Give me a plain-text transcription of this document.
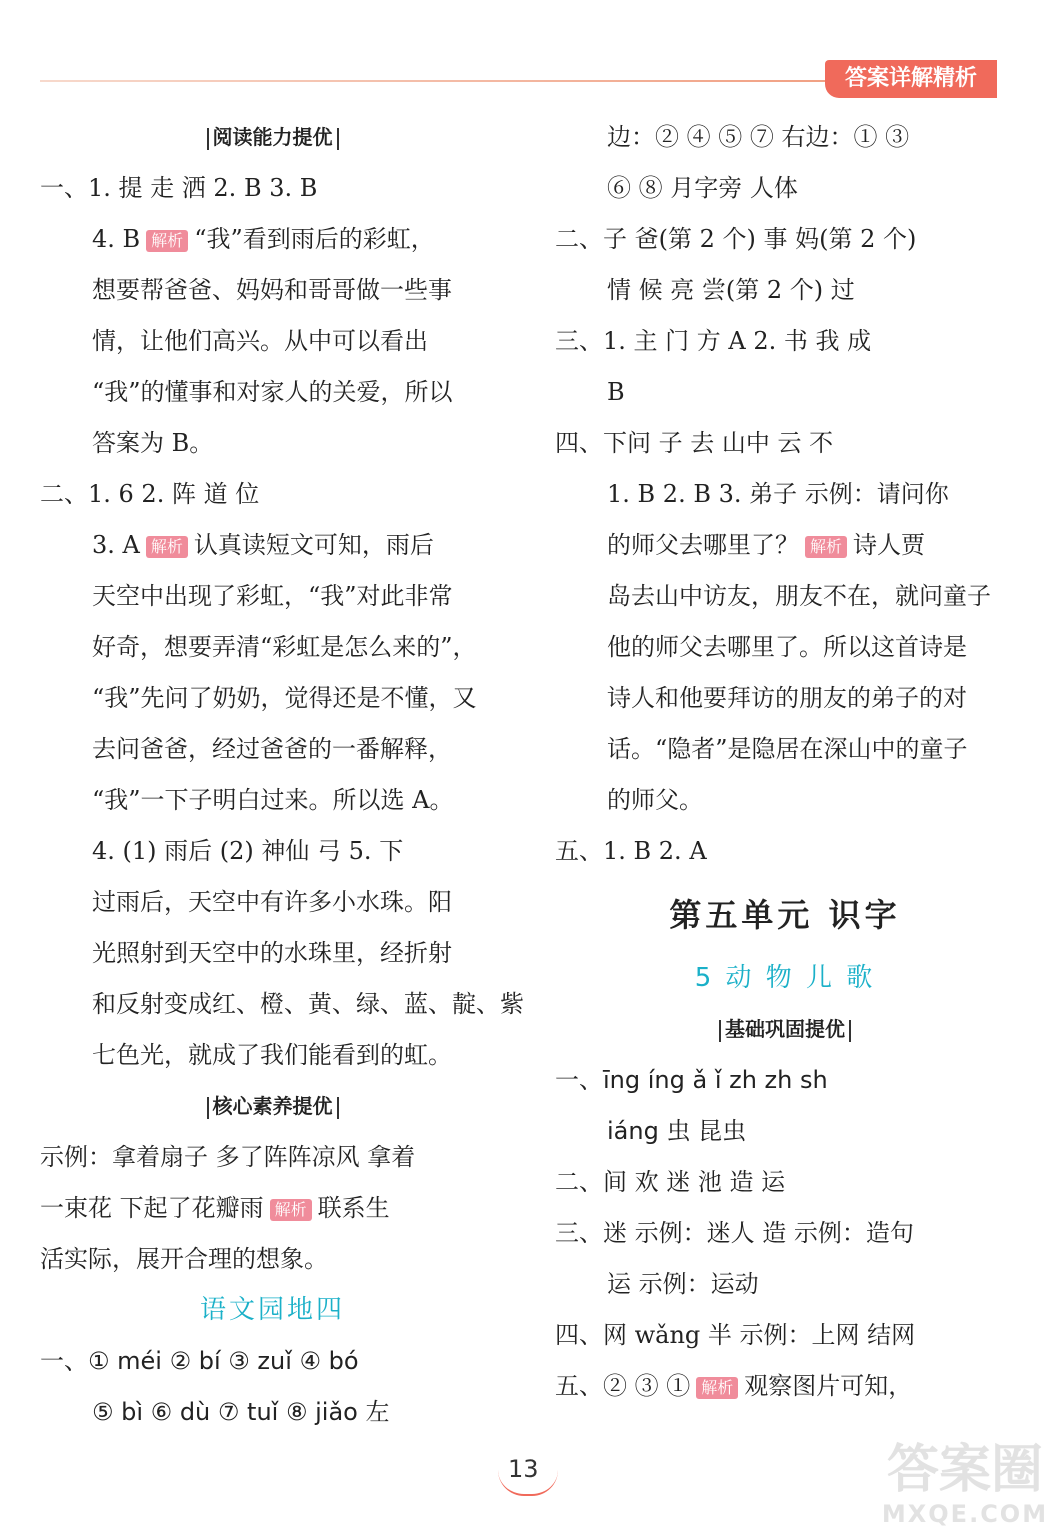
答案详解精析
阅读能力提优
一、1. 提 走 洒 2. B 3. B
4. B 解析 “我”看到雨后的彩虹，
想要帮爸爸、妈妈和哥哥做一些事
情，让他们高兴。从中可以看出
“我”的懂事和对家人的关爱，所以
答案为 B。
二、1. 6 2. 阵 道 位
3. A 解析 认真读短文可知，雨后
天空中出现了彩虹，“我”对此非常
好奇，想要弄清“彩虹是怎么来的”，
“我”先问了奶奶，觉得还是不懂，又
去问爸爸，经过爸爸的一番解释，
“我”一下子明白过来。所以选 A。
4. (1) 雨后 (2) 神仙 弓 5. 下
过雨后，天空中有许多小水珠。阳
光照射到天空中的水珠里，经折射
和反射变成红、橙、黄、绿、蓝、靛、紫
七色光，就成了我们能看到的虹。
核心素养提优
示例：拿着扇子 多了阵阵凉风 拿着
一束花 下起了花瓣雨 解析 联系生
活实际，展开合理的想象。
语文园地四
一、① méi ② bí ③ zuǐ ④ bó
⑤ bì ⑥ dù ⑦ tuǐ ⑧ jiǎo 左
边：② ④ ⑤ ⑦ 右边：① ③
⑥ ⑧ 月字旁 人体
二、子 爸(第 2 个) 事 妈(第 2 个)
情 候 亮 尝(第 2 个) 过
三、1. 主 门 方 A 2. 书 我 成
B
四、下问 子 去 山中 云 不
1. B 2. B 3. 弟子 示例：请问你
的师父去哪里了？ 解析 诗人贾
岛去山中访友，朋友不在，就问童子
他的师父去哪里了。所以这首诗是
诗人和他要拜访的朋友的弟子的对
话。“隐者”是隐居在深山中的童子
的师父。
五、1. B 2. A
第五单元 识字
5 动 物 儿 歌
基础巩固提优
一、īng íng ǎ ǐ zh zh sh
iáng 虫 昆虫
二、间 欢 迷 池 造 运
三、迷 示例：迷人 造 示例：造句
运 示例：运动
四、网 wǎng 半 示例：上网 结网
五、② ③ ① 解析 观察图片可知，
13	答案圈
MXQE.COM
